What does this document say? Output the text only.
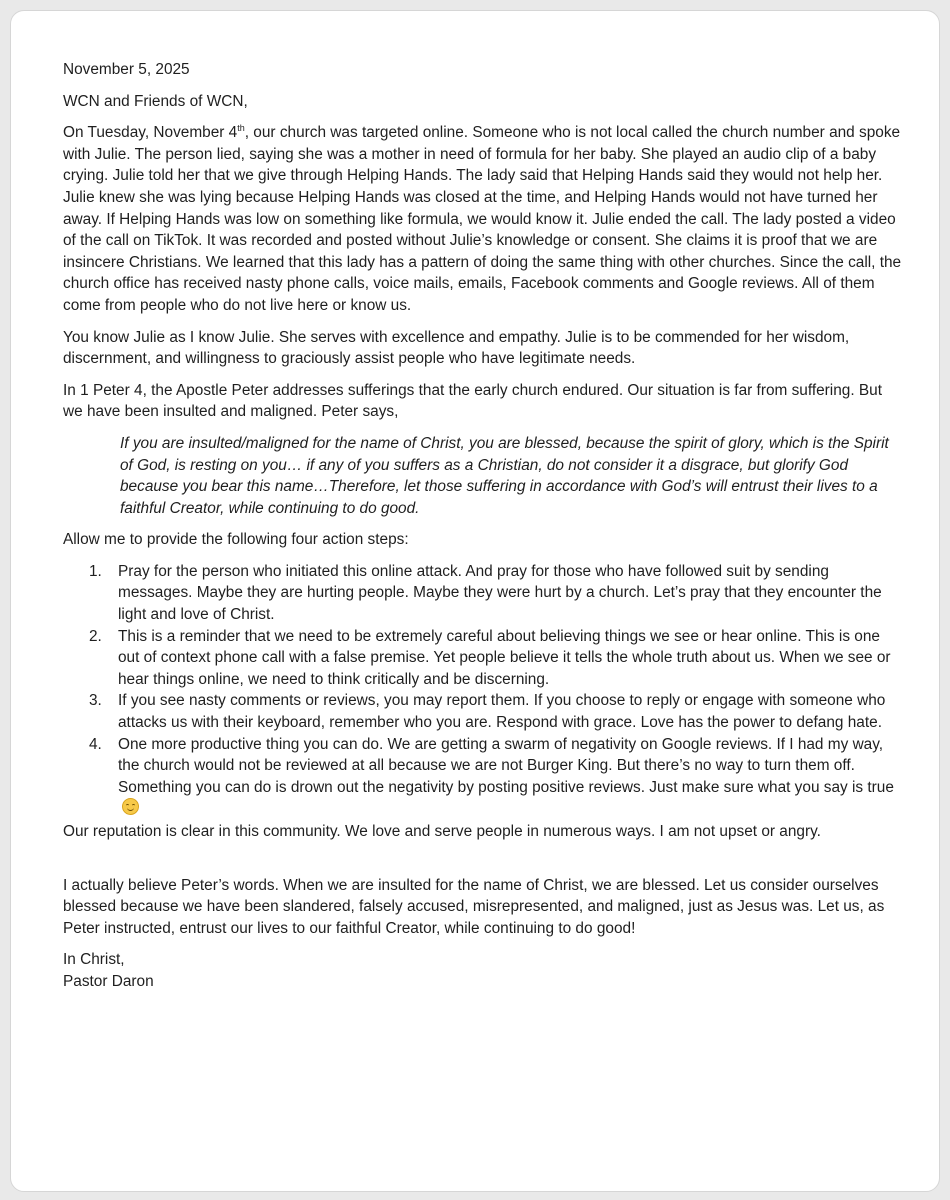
November 5, 2025

WCN and Friends of WCN,

On Tuesday, November 4th, our church was targeted online. Someone who is not local called the church number and spoke with Julie. The person lied, saying she was a mother in need of formula for her baby. She played an audio clip of a baby crying. Julie told her that we give through Helping Hands. The lady said that Helping Hands said they would not help her. Julie knew she was lying because Helping Hands was closed at the time, and Helping Hands would not have turned her away. If Helping Hands was low on something like formula, we would know it. Julie ended the call. The lady posted a video of the call on TikTok. It was recorded and posted without Julie’s knowledge or consent. She claims it is proof that we are insincere Christians. We learned that this lady has a pattern of doing the same thing with other churches. Since the call, the church office has received nasty phone calls, voice mails, emails, Facebook comments and Google reviews. All of them come from people who do not live here or know us.

You know Julie as I know Julie. She serves with excellence and empathy. Julie is to be commended for her wisdom, discernment, and willingness to graciously assist people who have legitimate needs.

In 1 Peter 4, the Apostle Peter addresses sufferings that the early church endured. Our situation is far from suffering. But we have been insulted and maligned. Peter says,

If you are insulted/maligned for the name of Christ, you are blessed, because the spirit of glory, which is the Spirit of God, is resting on you… if any of you suffers as a Christian, do not consider it a disgrace, but glorify God because you bear this name…Therefore, let those suffering in accordance with God’s will entrust their lives to a faithful Creator, while continuing to do good.

Allow me to provide the following four action steps:

1. Pray for the person who initiated this online attack. And pray for those who have followed suit by sending messages. Maybe they are hurting people. Maybe they were hurt by a church. Let’s pray that they encounter the light and love of Christ.
2. This is a reminder that we need to be extremely careful about believing things we see or hear online. This is one out of context phone call with a false premise. Yet people believe it tells the whole truth about us. When we see or hear things online, we need to think critically and be discerning.
3. If you see nasty comments or reviews, you may report them. If you choose to reply or engage with someone who attacks us with their keyboard, remember who you are. Respond with grace. Love has the power to defang hate.
4. One more productive thing you can do. We are getting a swarm of negativity on Google reviews. If I had my way, the church would not be reviewed at all because we are not Burger King. But there’s no way to turn them off. Something you can do is drown out the negativity by posting positive reviews. Just make sure what you say is true

Our reputation is clear in this community. We love and serve people in numerous ways. I am not upset or angry.

I actually believe Peter’s words. When we are insulted for the name of Christ, we are blessed. Let us consider ourselves blessed because we have been slandered, falsely accused, misrepresented, and maligned, just as Jesus was. Let us, as Peter instructed, entrust our lives to our faithful Creator, while continuing to do good!

In Christ,

Pastor Daron
